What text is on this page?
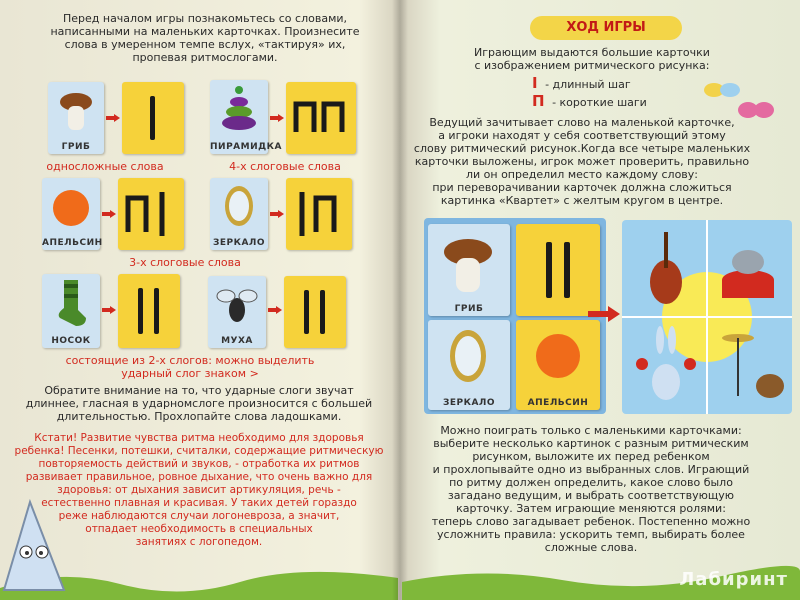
Перед началом игры познакомьтесь со словами,
написанными на маленьких карточках. Произнесите
слова в умеренном темпе вслух, «тактируя» их,
пропевая ритмослогами.
ГРИБ	ПИРАМИДКА
односложные слова	4-х слоговые слова
АПЕЛЬСИН	ЗЕРКАЛО
3-х слоговые слова
НОСОК	МУХА
состоящие из 2-х слогов: можно выделить
ударный слог знаком >
Обратите внимание на то, что ударные слоги звучат
длиннее, гласная в ударномслоге произносится с большей
длительностью. Прохлопайте слова ладошками.
Кстати! Развитие чувства ритма необходимо для здоровья
ребенка! Песенки, потешки, считалки, содержащие ритмическую
повторяемость действий и звуков, - отработка их ритмов
развивает правильное, ровное дыхание, что очень важно для
здоровья: от дыхания зависит артикуляция, речь -
естественно плавная и красивая. У таких детей гораздо
реже наблюдаются случаи логоневроза, а значит,
отпадает необходимость в специальных
занятиях с логопедом.
ХОД ИГРЫ
Играющим выдаются большие карточки
с изображением ритмического рисунка:
I - длинный шаг
П - короткие шаги
Ведущий зачитывает слово на маленькой карточке,
а игроки находят у себя соответствующий этому
слову ритмический рисунок.Когда все четыре маленьких
карточки выложены, игрок может проверить, правильно
ли он определил место каждому слову:
при переворачивании карточек должна сложиться
картинка «Квартет» с желтым кругом в центре.
ГРИБ
ЗЕРКАЛО	АПЕЛЬСИН
Можно поиграть только с маленькими карточками:
выберите несколько картинок с разным ритмическим
рисунком, выложите их перед ребенком
и прохлопывайте одно из выбранных слов. Играющий
по ритму должен определить, какое слово было
загадано ведущим, и выбрать соответствующую
карточку. Затем играющие меняются ролями:
теперь слово загадывает ребенок. Постепенно можно
усложнить правила: ускорить темп, выбирать более
сложные слова.
Лабиринт
